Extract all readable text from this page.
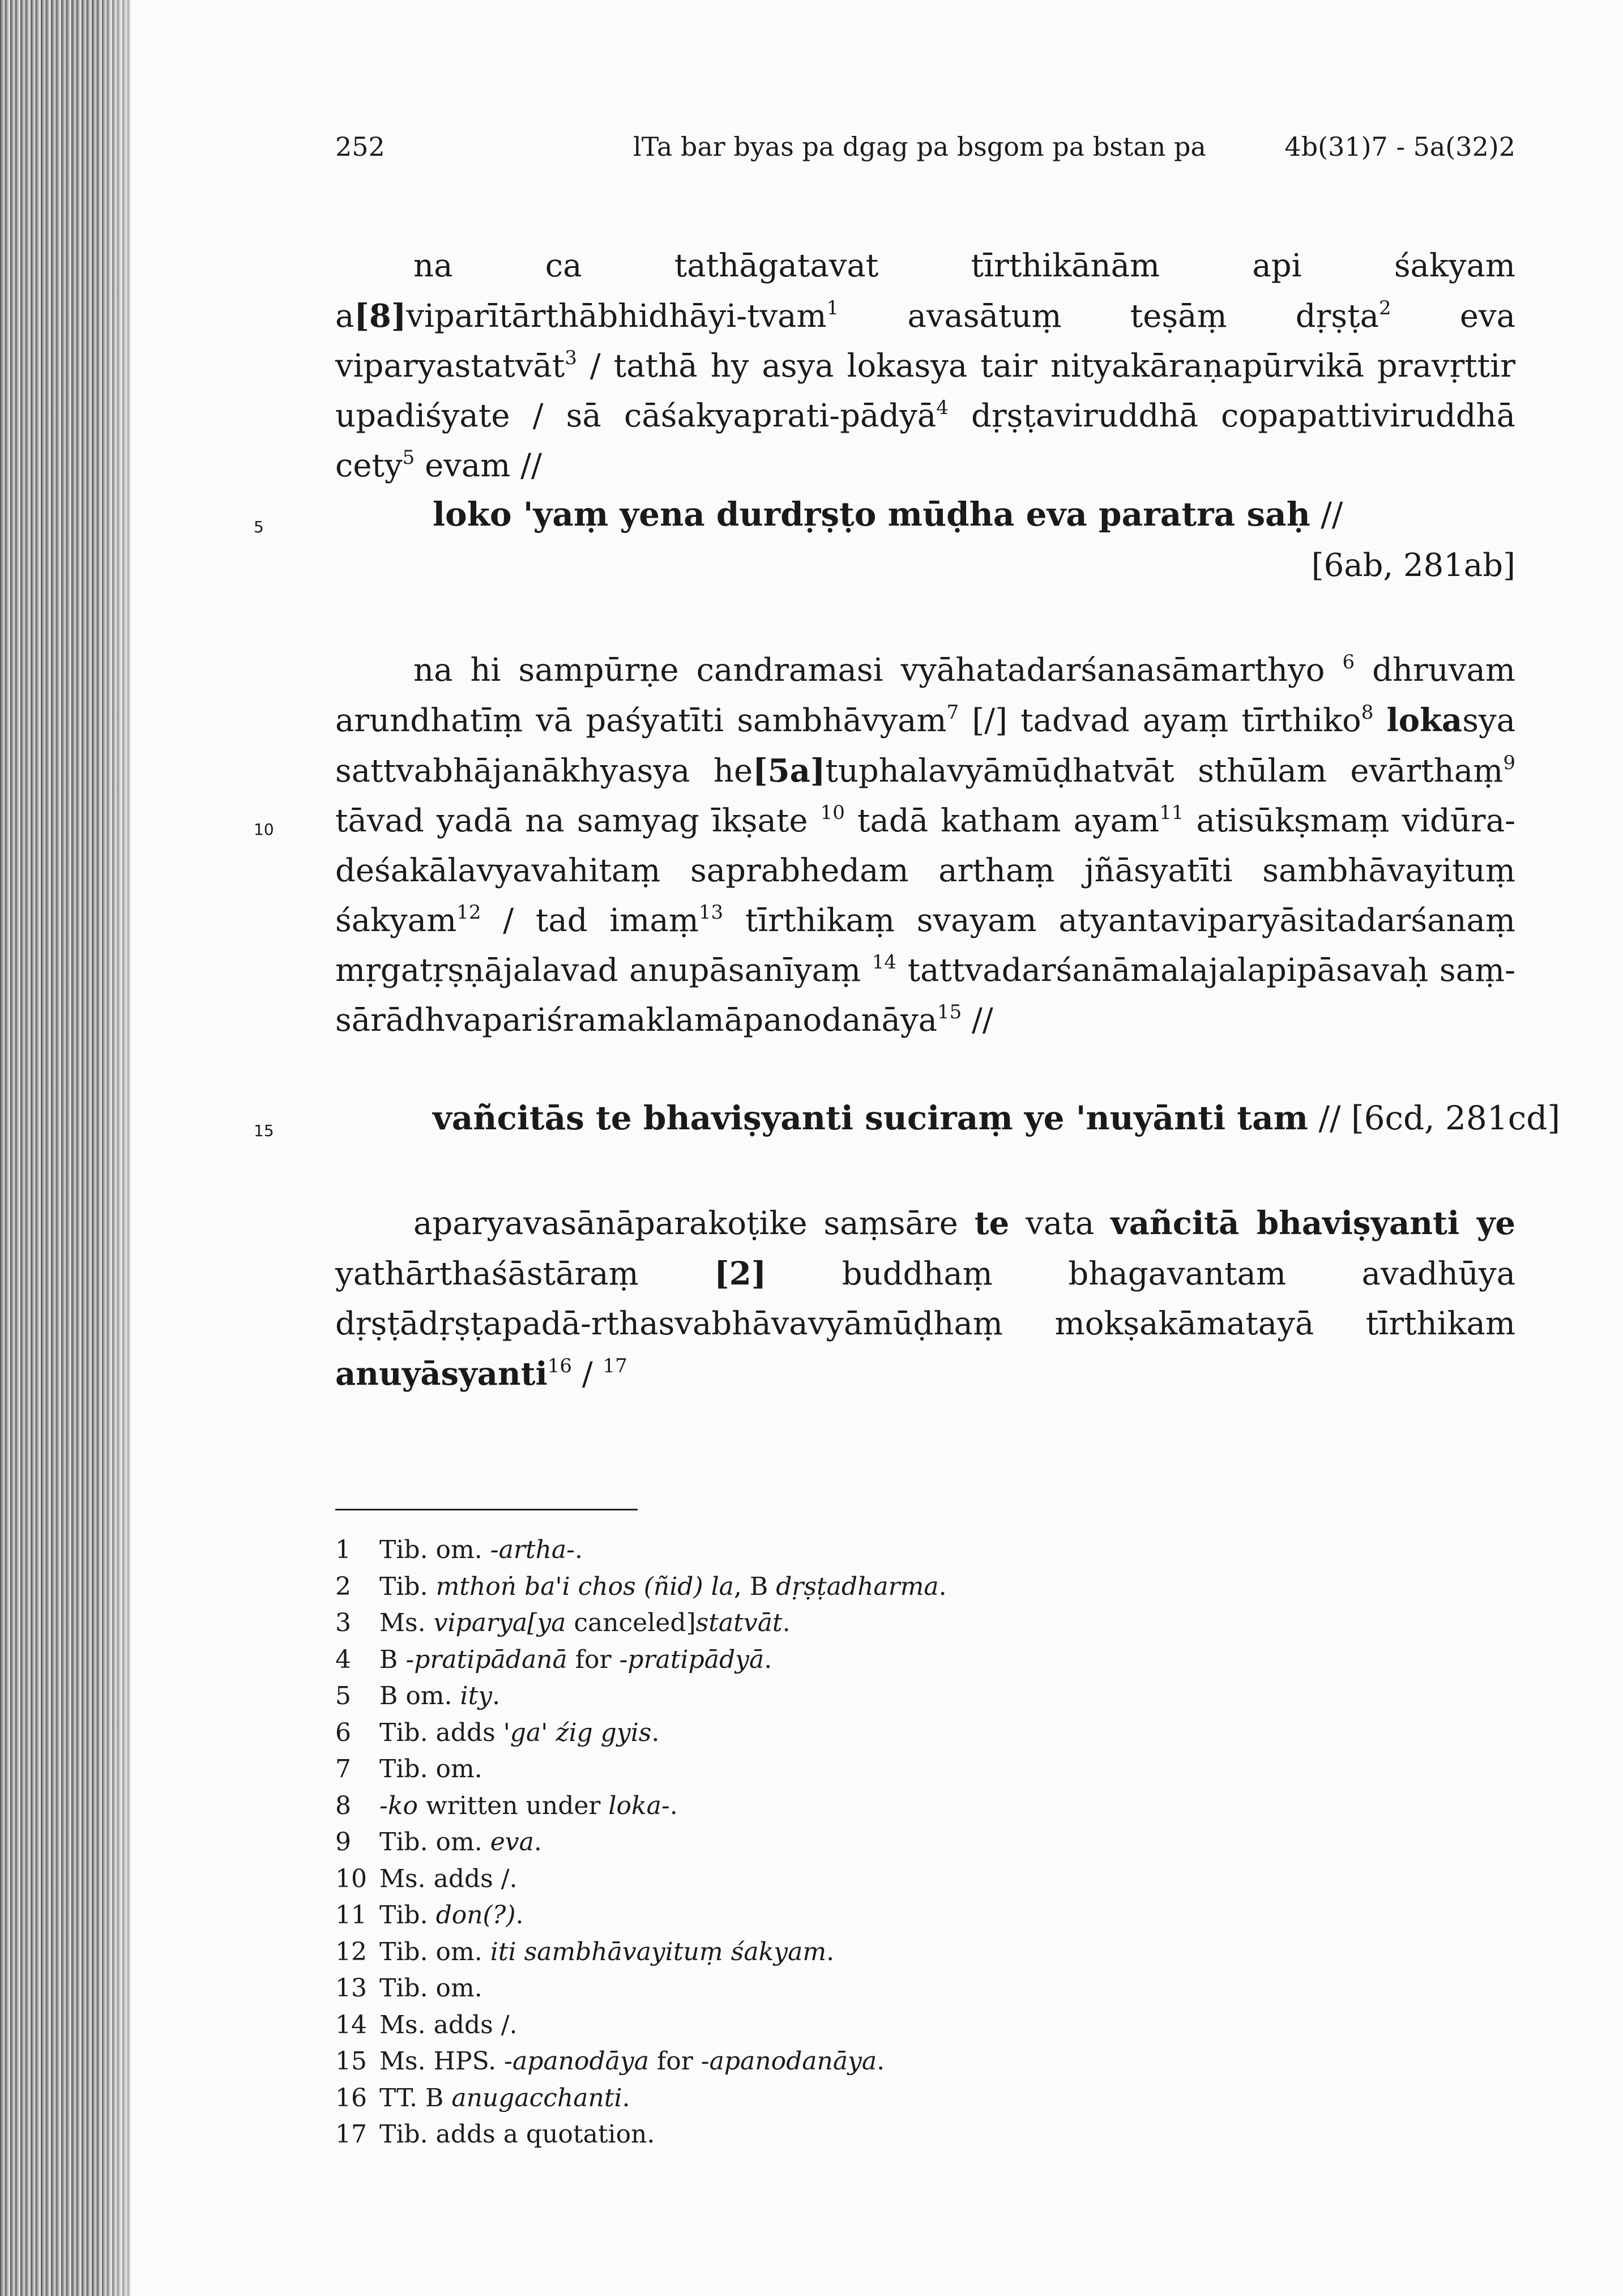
252	lTa bar byas pa dgag pa bsgom pa bstan pa	4b(31)7 - 5a(32)2

na ca tathāgatavat tīrthikānām api śakyam a[8]viparītārthābhidhāyi-tvam$^1$ avasātuṃ teṣāṃ dṛṣṭa$^2$ eva viparyastatvāt$^3$ / tathā hy asya lokasya tair nityakāraṇapūrvikā pravṛttir upadiśyate / sā cāśakyaprati-pādyā$^4$ dṛṣṭaviruddhā copapattiviruddhā cety$^5$ evam //

5	loko 'yaṃ yena durdṛṣṭo mūḍha eva paratra saḥ //
[6ab, 281ab]

na hi sampūrṇe candramasi vyāhatadarśanasāmarthyo $^6$ dhruvam arundhatīṃ vā paśyatīti sambhāvyam$^7$ [/] tadvad ayaṃ tīrthiko$^8$ lokasya sattvabhājanākhyasya he[5a]tuphalavyāmūḍhatvāt sthūlam evārthaṃ$^9$ tāvad yadā na samyag īkṣate $^{10}$ tadā katham ayam$^{11}$ atisūkṣmaṃ vidūra-deśakālavyavahitaṃ saprabhedam arthaṃ jñāsyatīti sambhāvayituṃ śakyam$^{12}$ / tad imaṃ$^{13}$ tīrthikaṃ svayam atyantaviparyāsitadarśanaṃ mṛgatṛṣṇājalavad anupāsanīyaṃ $^{14}$ tattvadarśanāmalajalapipāsavaḥ saṃ-sārādhvapariśramaklamāpanodanāya$^{15}$ //

10
15	vañcitās te bhaviṣyanti suciraṃ ye 'nuyānti tam // [6cd, 281cd]

aparyavasānāparakoṭike saṃsāre te vata vañcitā bhaviṣyanti ye yathārthaśāstāraṃ [2] buddhaṃ bhagavantam avadhūya dṛṣṭādṛṣṭapadā-rthasvabhāvavyāmūḍhaṃ mokṣakāmatayā tīrthikam anuyāsyanti$^{16}$ / $^{17}$

1 Tib. om. -artha-.
2 Tib. mthoṅ ba'i chos (ñid) la, B dṛṣṭadharma.
3 Ms. viparya[ya canceled]statvāt.
4 B -pratipādanā for -pratipādyā.
5 B om. ity.
6 Tib. adds 'ga' źig gyis.
7 Tib. om.
8 -ko written under loka-.
9 Tib. om. eva.
10 Ms. adds /.
11 Tib. don(?).
12 Tib. om. iti sambhāvayituṃ śakyam.
13 Tib. om.
14 Ms. adds /.
15 Ms. HPS. -apanodāya for -apanodanāya.
16 TT. B anugacchanti.
17 Tib. adds a quotation.
